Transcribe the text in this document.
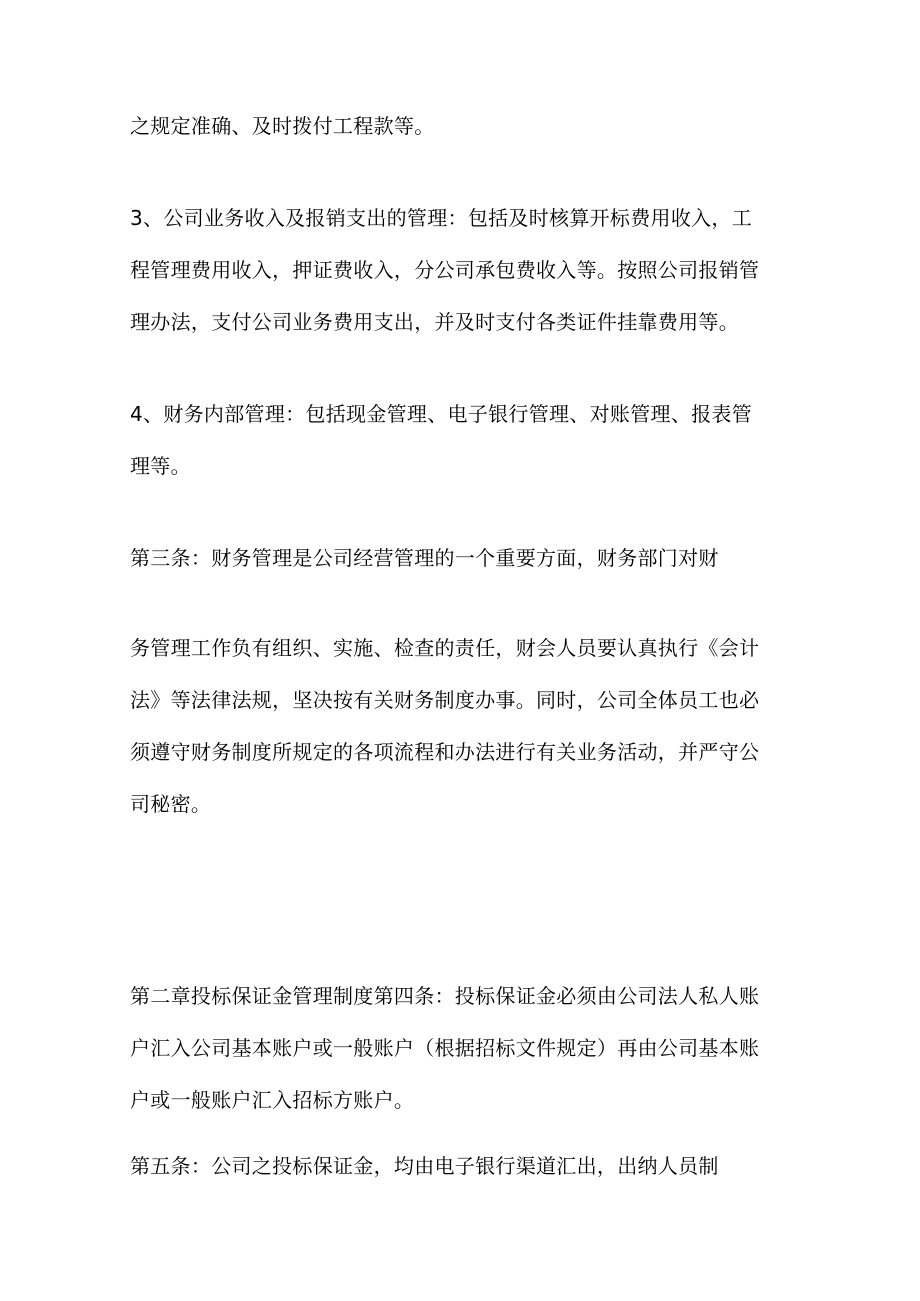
之规定准确、及时拨付工程款等。

3、公司业务收入及报销支出的管理：包括及时核算开标费用收入，工
程管理费用收入，押证费收入，分公司承包费收入等。按照公司报销管
理办法，支付公司业务费用支出，并及时支付各类证件挂靠费用等。

4、财务内部管理：包括现金管理、电子银行管理、对账管理、报表管
理等。

第三条：财务管理是公司经营管理的一个重要方面，财务部门对财

务管理工作负有组织、实施、检查的责任，财会人员要认真执行《会计
法》等法律法规，坚决按有关财务制度办事。同时，公司全体员工也必
须遵守财务制度所规定的各项流程和办法进行有关业务活动，并严守公
司秘密。

第二章投标保证金管理制度第四条：投标保证金必须由公司法人私人账
户汇入公司基本账户或一般账户（根据招标文件规定）再由公司基本账
户或一般账户汇入招标方账户。

第五条：公司之投标保证金，均由电子银行渠道汇出，出纳人员制
